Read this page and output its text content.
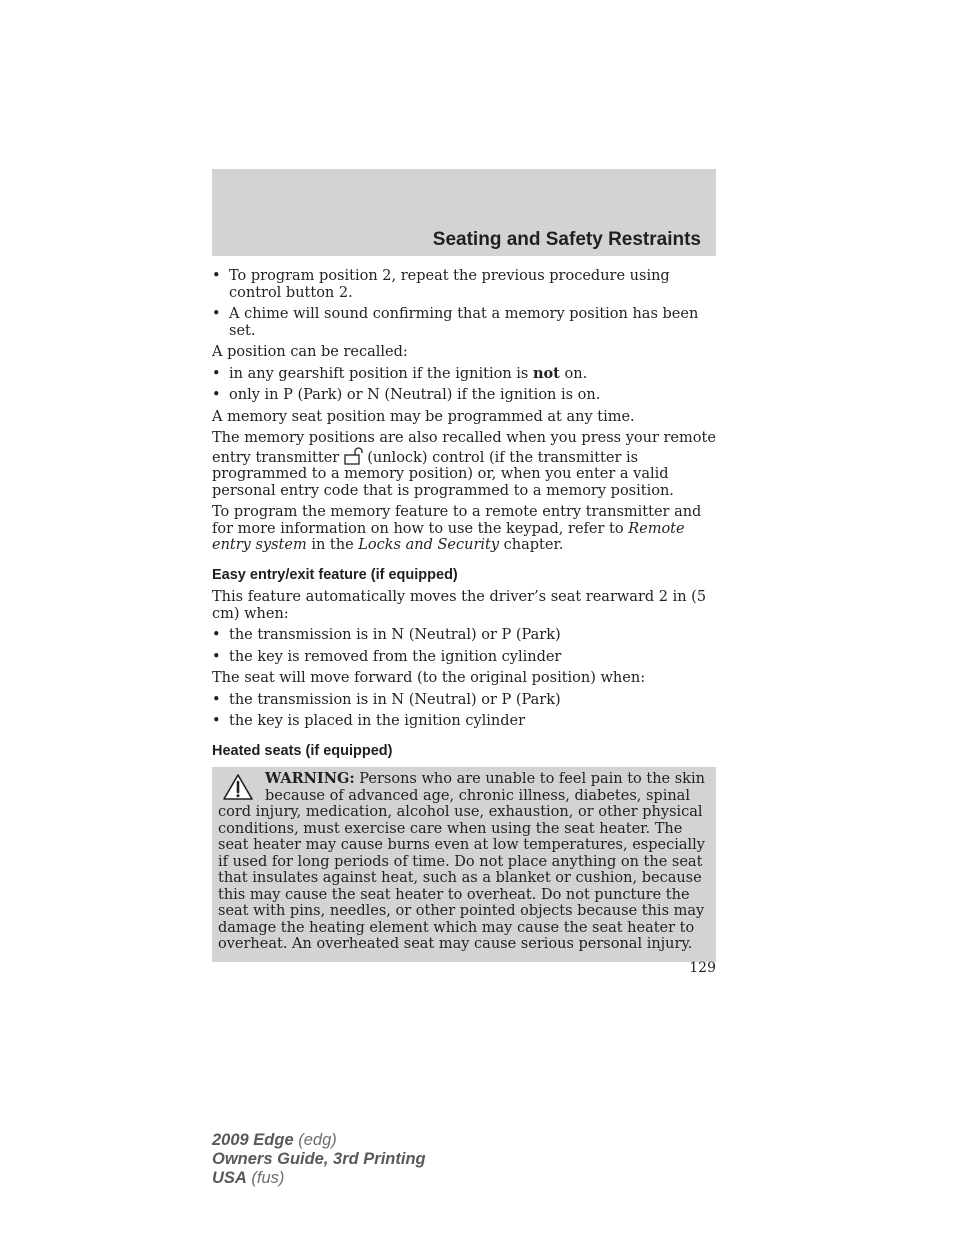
Seating and Safety Restraints
• To program position 2, repeat the previous procedure using control button 2.
• A chime will sound confirming that a memory position has been set.

A position can be recalled:

• in any gearshift position if the ignition is not on.
• only in P (Park) or N (Neutral) if the ignition is on.

A memory seat position may be programmed at any time.

The memory positions are also recalled when you press your remote entry transmitter (unlock) control (if the transmitter is programmed to a memory position) or, when you enter a valid personal entry code that is programmed to a memory position.

To program the memory feature to a remote entry transmitter and for more information on how to use the keypad, refer to Remote entry system in the Locks and Security chapter.

Easy entry/exit feature (if equipped)

This feature automatically moves the driver’s seat rearward 2 in (5 cm) when:

• the transmission is in N (Neutral) or P (Park)
• the key is removed from the ignition cylinder

The seat will move forward (to the original position) when:

• the transmission is in N (Neutral) or P (Park)
• the key is placed in the ignition cylinder
Heated seats (if equipped)
WARNING: Persons who are unable to feel pain to the skin because of advanced age, chronic illness, diabetes, spinal cord injury, medication, alcohol use, exhaustion, or other physical conditions, must exercise care when using the seat heater. The seat heater may cause burns even at low temperatures, especially if used for long periods of time. Do not place anything on the seat that insulates against heat, such as a blanket or cushion, because this may cause the seat heater to overheat. Do not puncture the seat with pins, needles, or other pointed objects because this may damage the heating element which may cause the seat heater to overheat. An overheated seat may cause serious personal injury.
129
2009 Edge (edg)
Owners Guide, 3rd Printing
USA (fus)
